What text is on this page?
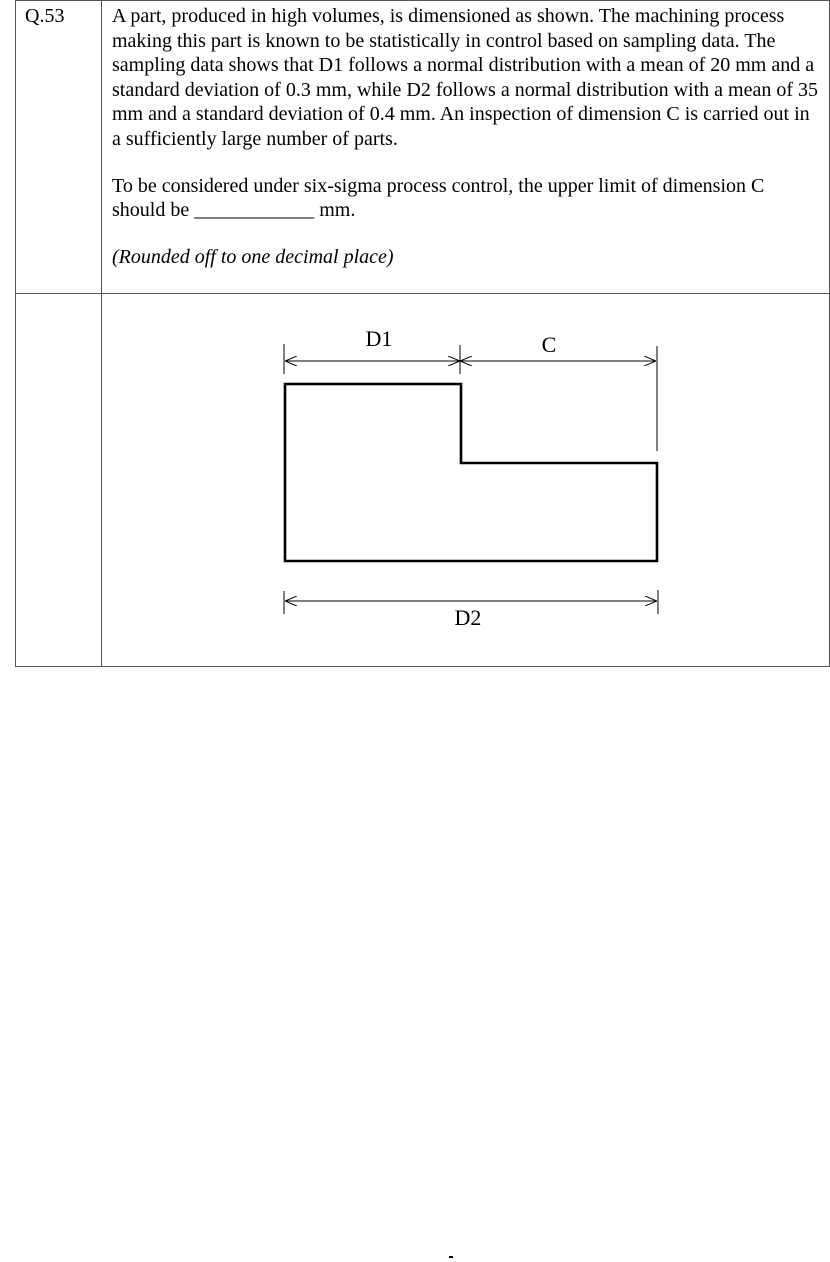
Q.53	A part, produced in high volumes, is dimensioned as shown. The machining process making this part is known to be statistically in control based on sampling data. The sampling data shows that D1 follows a normal distribution with a mean of 20 mm and a standard deviation of 0.3 mm, while D2 follows a normal distribution with a mean of 35 mm and a standard deviation of 0.4 mm. An inspection of dimension C is carried out in a sufficiently large number of parts.

To be considered under six-sigma process control, the upper limit of dimension C should be ____________ mm.

(Rounded off to one decimal place)

D1 C
D2
